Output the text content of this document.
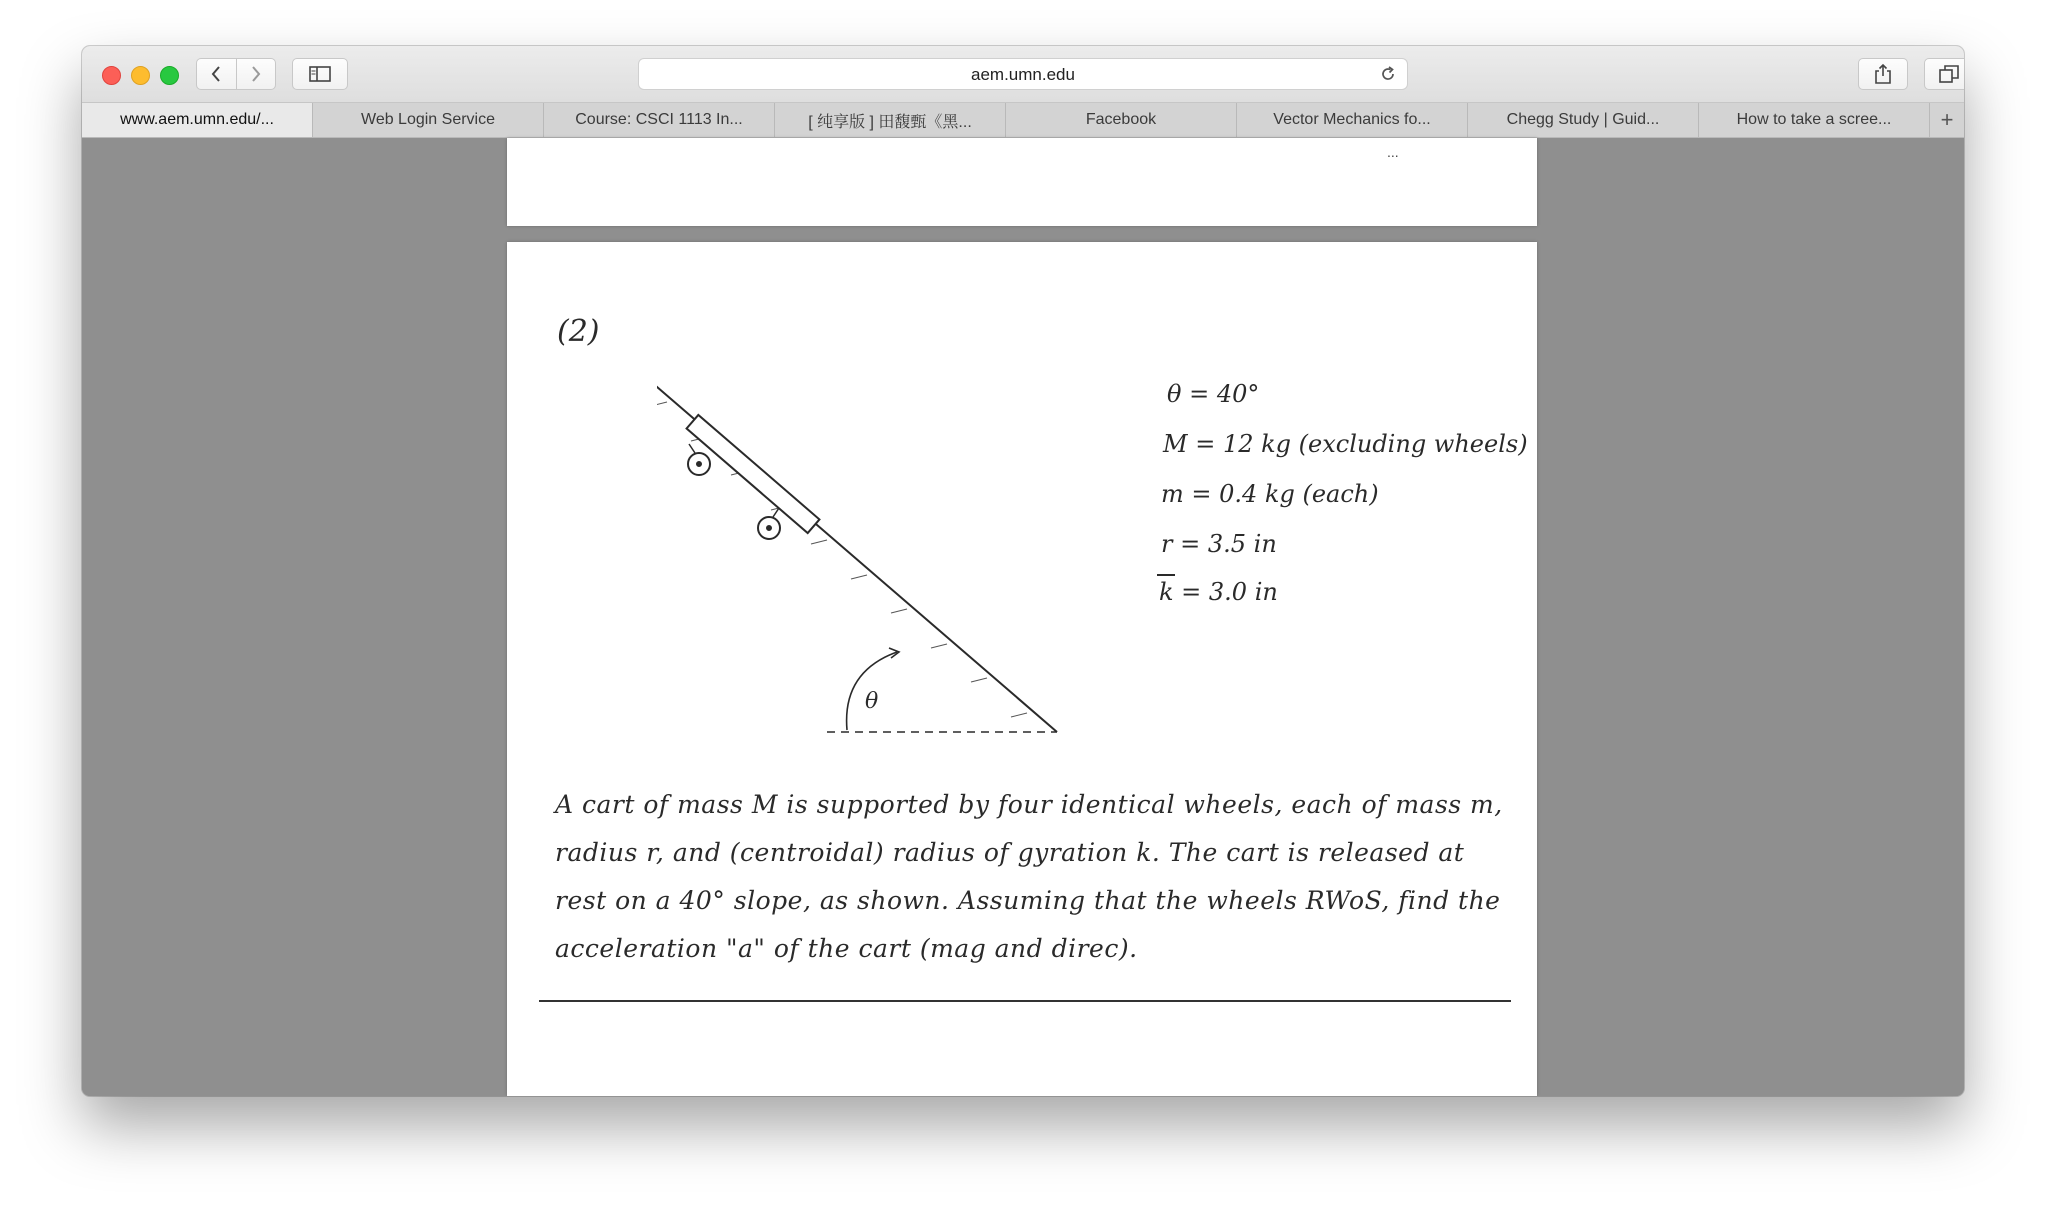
aem.umn.edu
www.aem.umn.edu/...	Web Login Service	Course: CSCI 1113 In...	[ 纯享版 ] 田馥甄《黑...	Facebook	Vector Mechanics fo...	Chegg Study | Guid...	How to take a scree...	+
...
(2)
θ
θ = 40°
M = 12 kg (excluding wheels)
m = 0.4 kg (each)
r = 3.5 in
k = 3.0 in
A cart of mass M is supported by four identical wheels, each of mass m,
radius r, and (centroidal) radius of gyration k. The cart is released at
rest on a 40° slope, as shown. Assuming that the wheels RWoS, find the
acceleration "a" of the cart (mag and direc).
